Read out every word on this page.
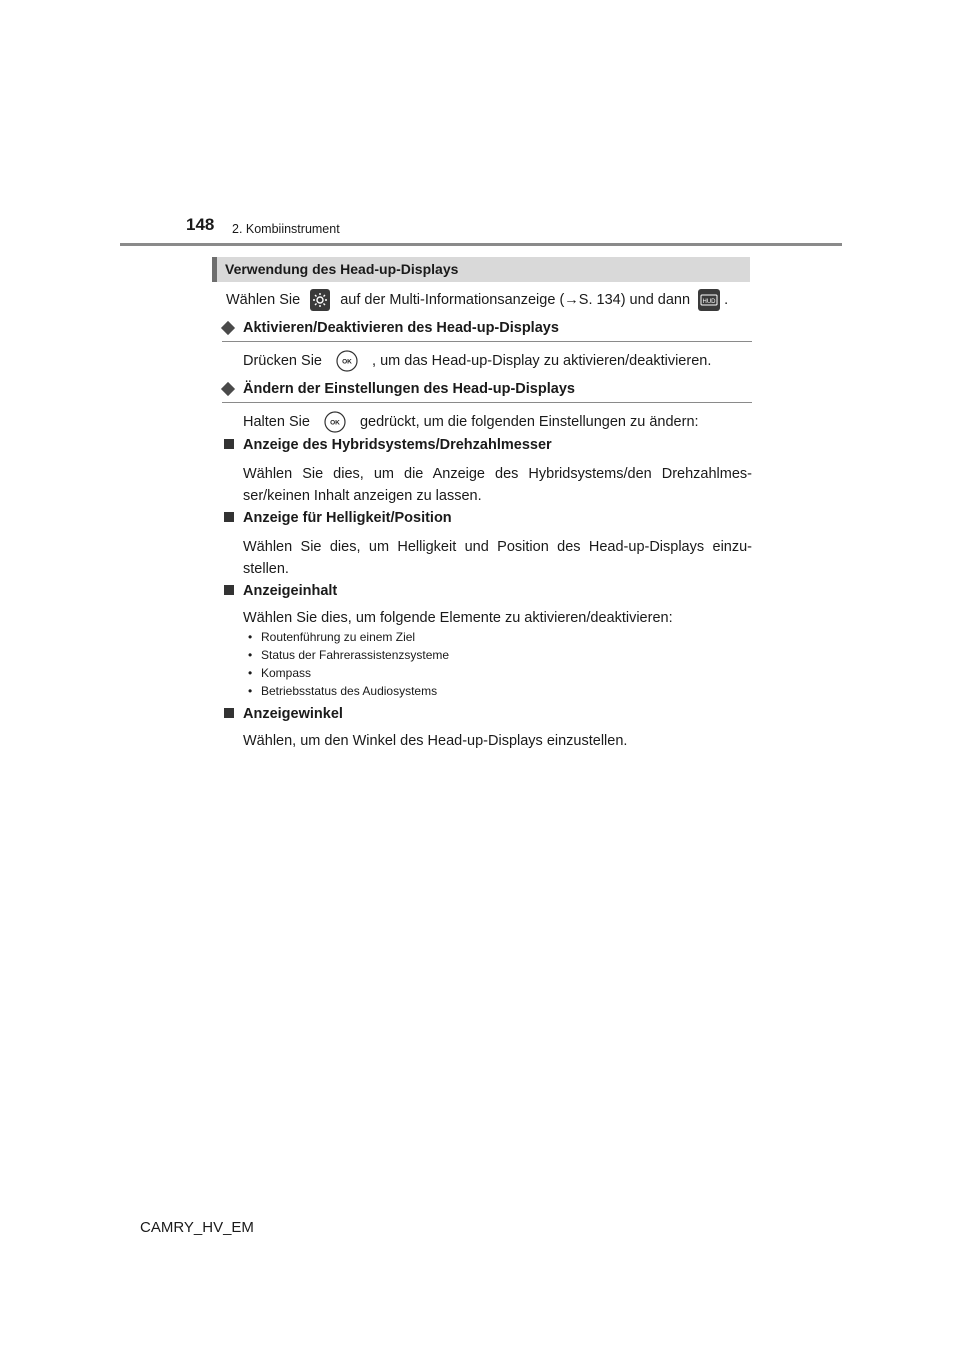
148 2. Kombiinstrument
Verwendung des Head-up-Displays
Wählen Sie	auf der Multi-Informationsanzeige (→S. 134) und dann HUD .
Aktivieren/Deaktivieren des Head-up-Displays
Drücken Sie	OK , um das Head-up-Display zu aktivieren/deaktivieren.
Ändern der Einstellungen des Head-up-Displays
Halten Sie	OK gedrückt, um die folgenden Einstellungen zu ändern:
Anzeige des Hybridsystems/Drehzahlmesser
Wählen Sie dies, um die Anzeige des Hybridsystems/den Drehzahlmes- ser/keinen Inhalt anzeigen zu lassen.
Anzeige für Helligkeit/Position
Wählen Sie dies, um Helligkeit und Position des Head-up-Displays einzu- stellen.
Anzeigeinhalt
Wählen Sie dies, um folgende Elemente zu aktivieren/deaktivieren:
• Routenführung zu einem Ziel
• Status der Fahrerassistenzsysteme
• Kompass
• Betriebsstatus des Audiosystems
Anzeigewinkel
Wählen, um den Winkel des Head-up-Displays einzustellen.
CAMRY_HV_EM
